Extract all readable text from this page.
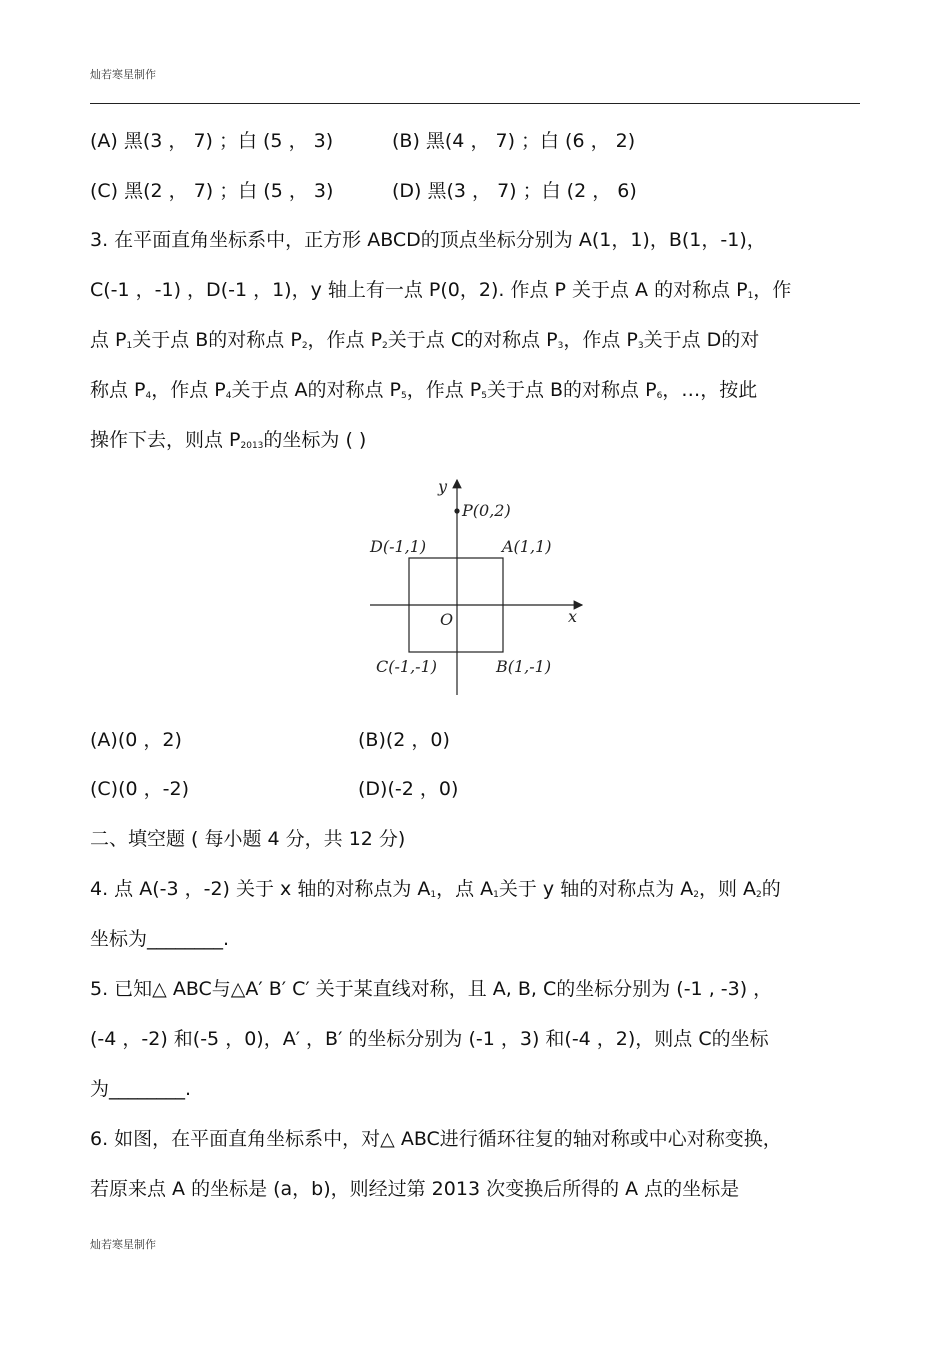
灿若寒星制作
(A) 黑(3 ， 7) ；白 (5 ， 3)	(B) 黑(4 ， 7) ；白 (6 ， 2)
(C) 黑(2 ， 7) ；白 (5 ， 3)	(D) 黑(3 ， 7) ；白 (2 ， 6)
3. 在平面直角坐标系中，正方形 ABCD的顶点坐标分别为 A(1，1)，B(1，-1)，
C(-1 ，-1) ，D(-1 ，1)，y 轴上有一点 P(0，2). 作点 P 关于点 A 的对称点 $P_1$，作
点 $P_1$关于点 B的对称点 $P_2$，作点 $P_2$关于点 C的对称点 $P_3$，作点 $P_3$关于点 D的对
称点 $P_4$，作点 $P_4$关于点 A的对称点 $P_5$，作点 $P_5$关于点 B的对称点 $P_6$，…，按此
操作下去，则点 $P_{2013}$的坐标为 ( )
y
x
O
P(0,2)
A(1,1)
B(1,-1)
C(-1,-1)
D(-1,1)
(A)(0 ，2)	(B)(2 ，0)
(C)(0 ，-2)	(D)(-2 ，0)
二、填空题 ( 每小题 4 分，共 12 分)
4. 点 A(-3 ，-2) 关于 x 轴的对称点为 $A_1$，点 $A_1$关于 y 轴的对称点为 $A_2$，则 $A_2$的
坐标为________.
5. 已知△ ABC与△A′ B′ C′ 关于某直线对称，且 A, B, C的坐标分别为 (-1 , -3) ，
(-4 ，-2) 和(-5 ，0)，A′ ，B′ 的坐标分别为 (-1 ，3) 和(-4 ，2)，则点 C的坐标
为________.
6. 如图，在平面直角坐标系中，对△ ABC进行循环往复的轴对称或中心对称变换，
若原来点 A 的坐标是 (a，b)，则经过第 2013 次变换后所得的 A 点的坐标是
灿若寒星制作
